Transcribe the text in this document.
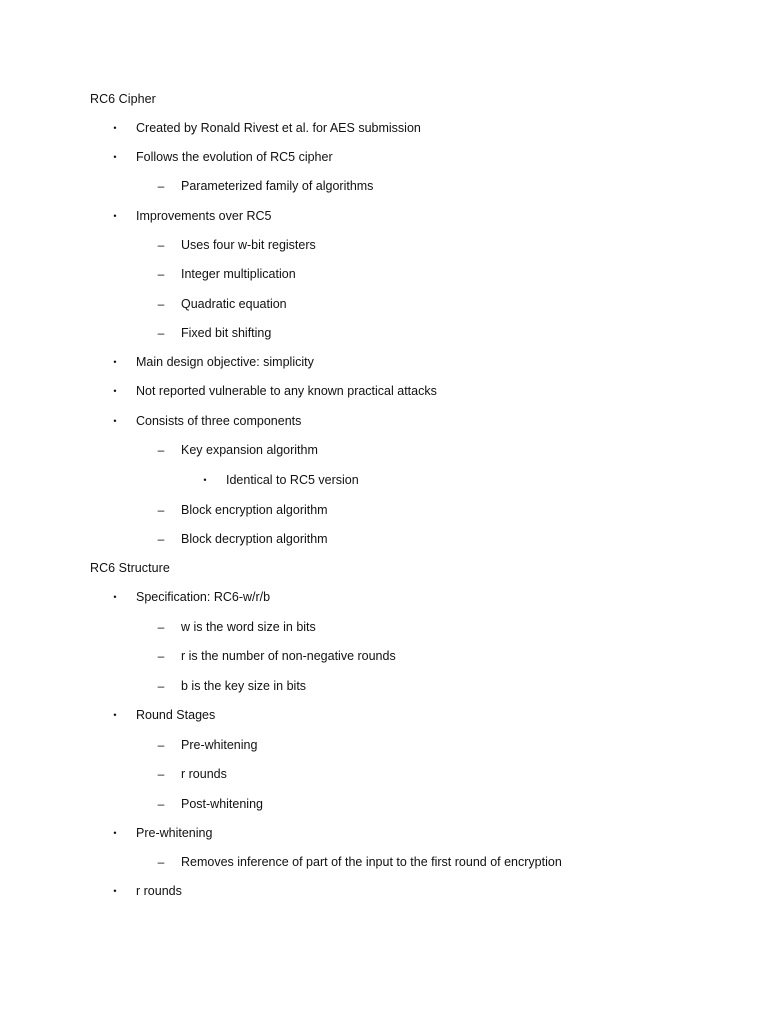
RC6 Cipher
•	Created by Ronald Rivest et al. for AES submission
•	Follows the evolution of RC5 cipher
–	Parameterized family of algorithms
•	Improvements over RC5
–	Uses four w-bit registers
–	Integer multiplication
–	Quadratic equation
–	Fixed bit shifting
•	Main design objective: simplicity
•	Not reported vulnerable to any known practical attacks
•	Consists of three components
–	Key expansion algorithm
•	Identical to RC5 version
–	Block encryption algorithm
–	Block decryption algorithm
RC6 Structure
•	Specification: RC6-w/r/b
–	w is the word size in bits
–	r is the number of non-negative rounds
–	b is the key size in bits
•	Round Stages
–	Pre-whitening
–	r rounds
–	Post-whitening
•	Pre-whitening
–	Removes inference of part of the input to the first round of encryption
•	r rounds
